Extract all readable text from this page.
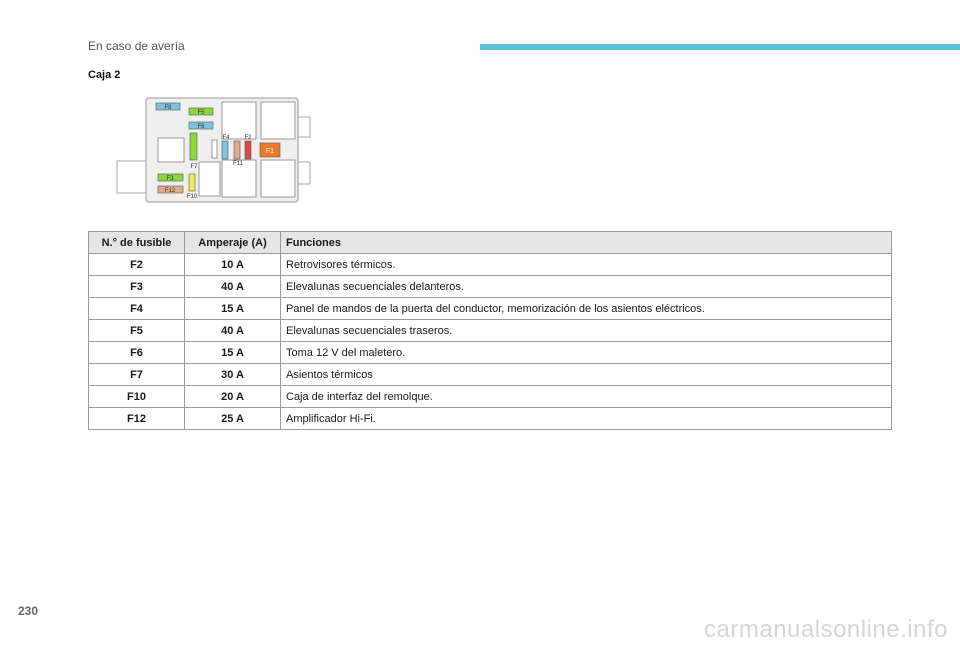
En caso de avería
Caja 2
F8
F5
F6
F7
F4 F2
F11
F1
F3
F12
F10
N.° de fusible	Amperaje (A)	Funciones
F2	10 A	Retrovisores térmicos.
F3	40 A	Elevalunas secuenciales delanteros.
F4	15 A	Panel de mandos de la puerta del conductor, memorización de los asientos eléctricos.
F5	40 A	Elevalunas secuenciales traseros.
F6	15 A	Toma 12 V del maletero.
F7	30 A	Asientos térmicos
F10	20 A	Caja de interfaz del remolque.
F12	25 A	Amplificador Hi-Fi.
230
carmanualsonline.info
